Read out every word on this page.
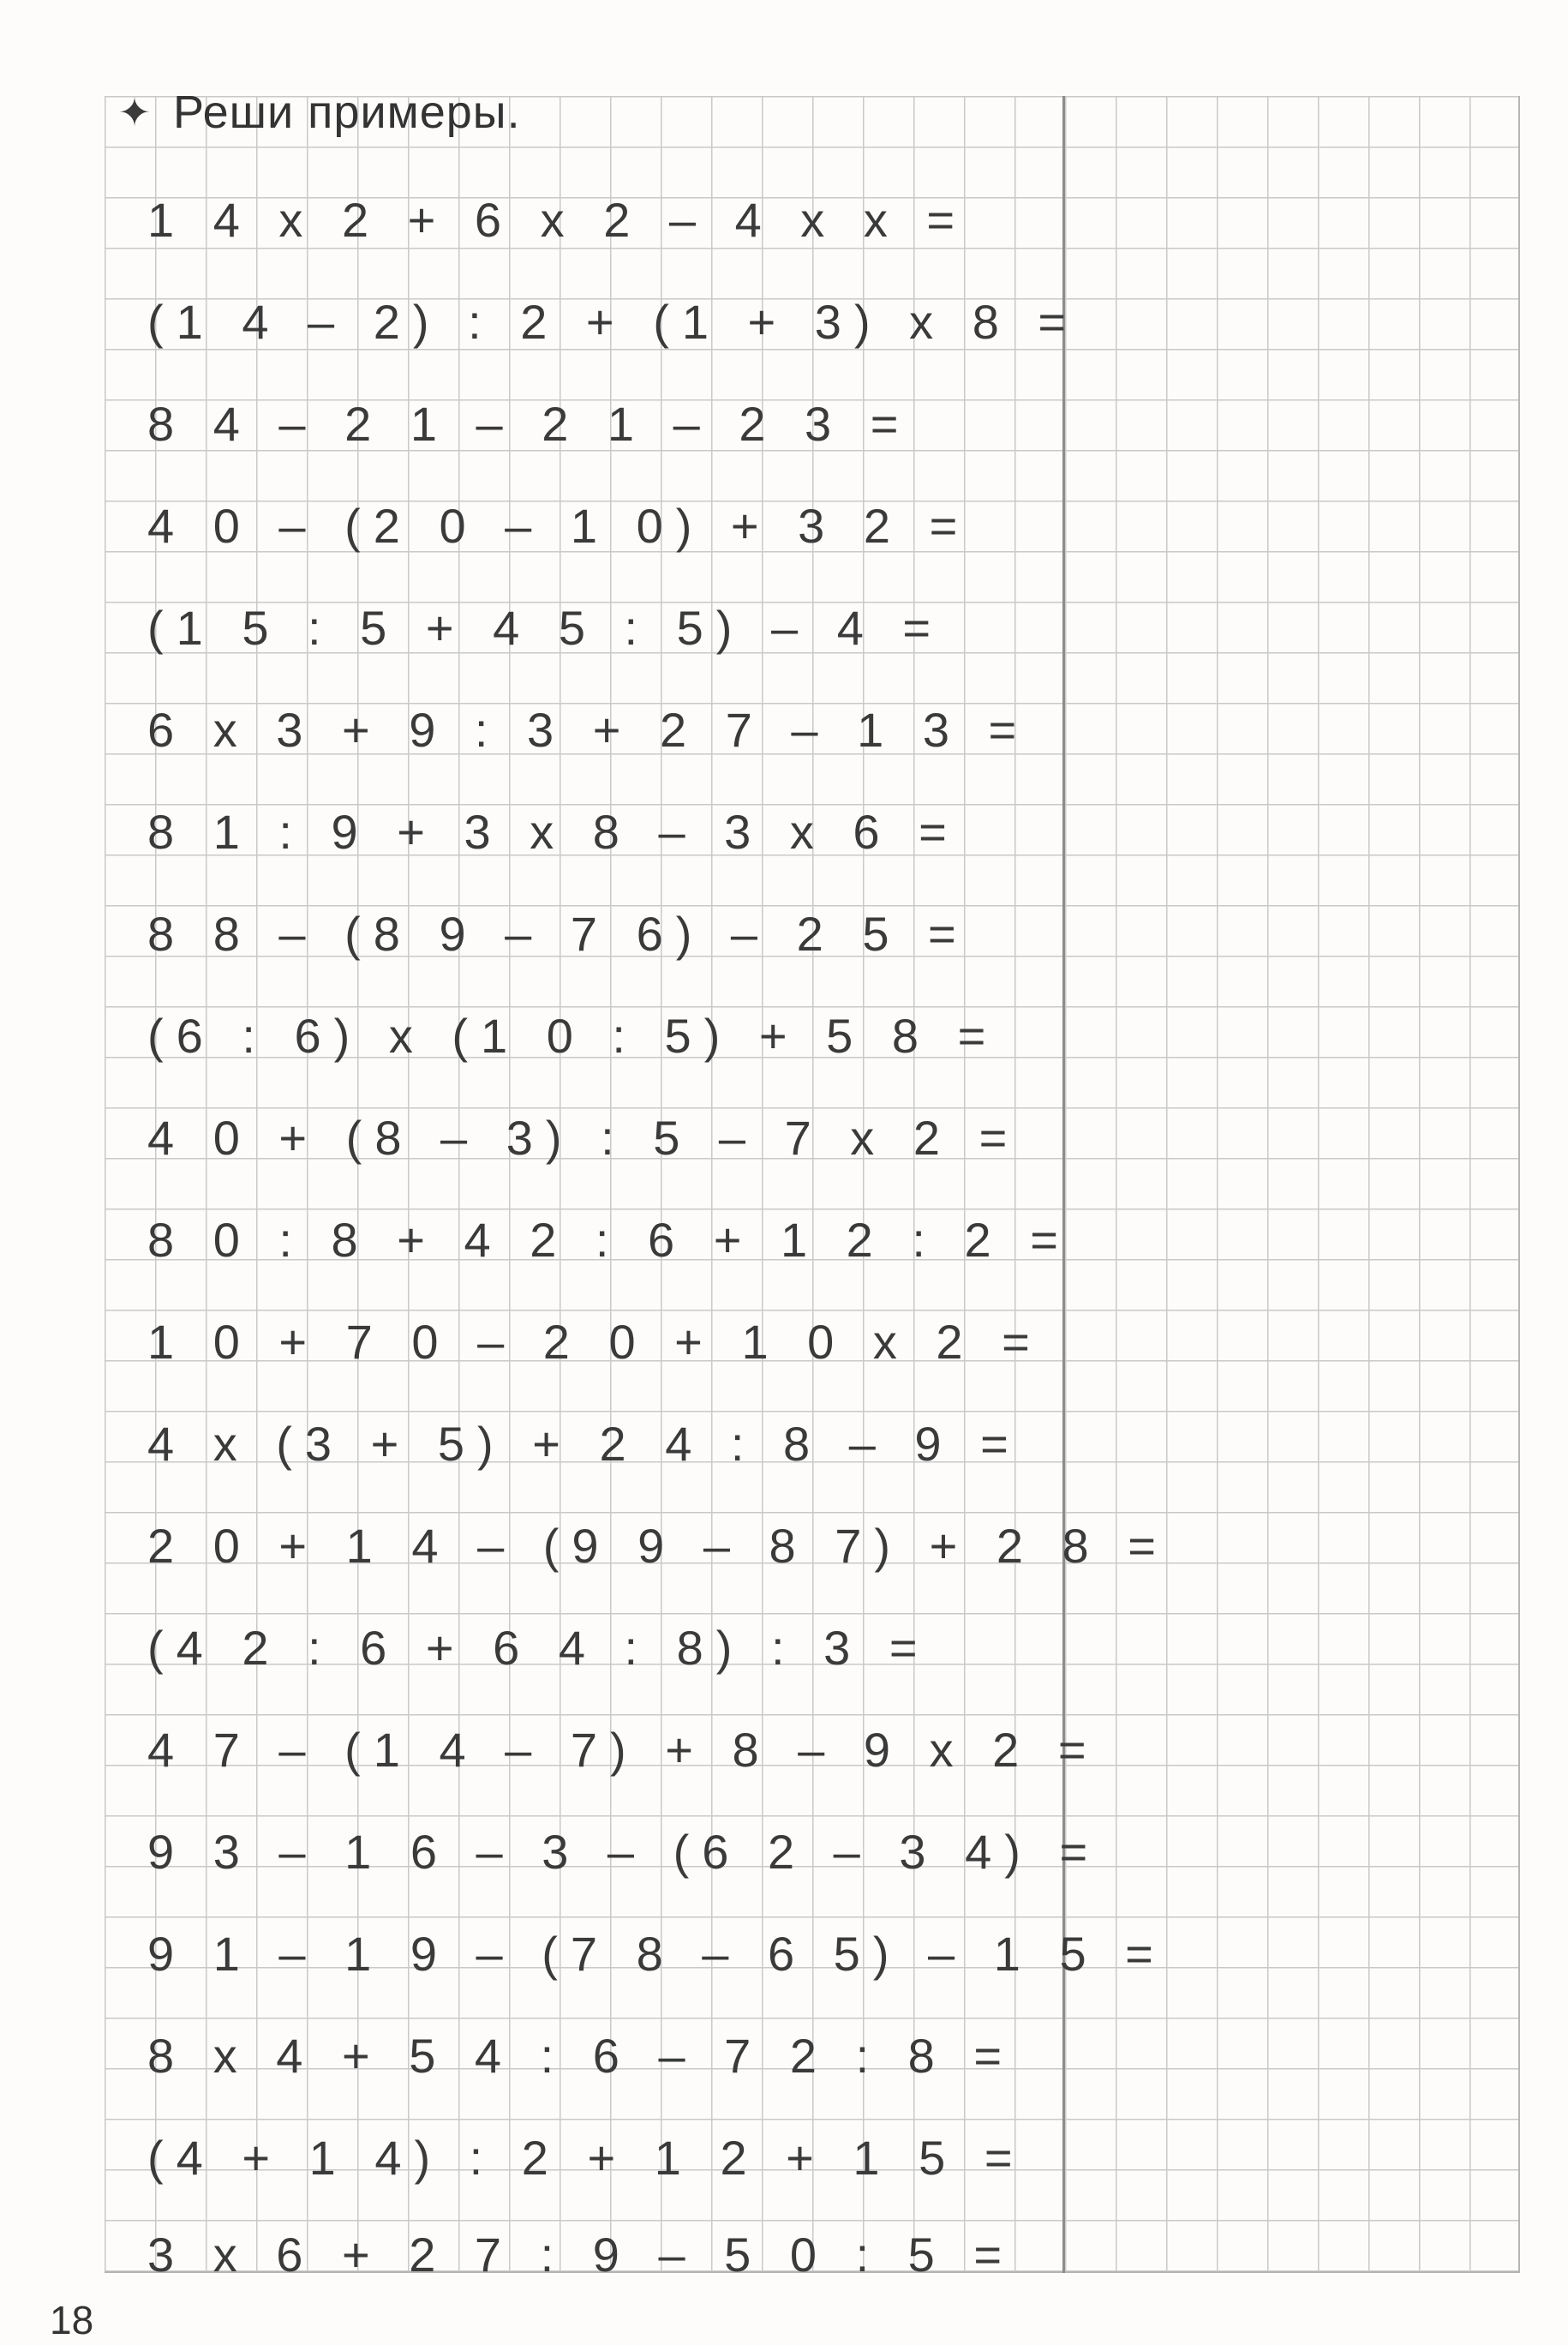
✦ Реши примеры.
1 4 x 2 + 6 x 2 – 4 x x =
(1 4 – 2) : 2 + (1 + 3) x 8 =
8 4 – 2 1 – 2 1 – 2 3 =
4 0 – (2 0 – 1 0) + 3 2 =
(1 5 : 5 + 4 5 : 5) – 4 =
6 x 3 + 9 : 3 + 2 7 – 1 3 =
8 1 : 9 + 3 x 8 – 3 x 6 =
8 8 – (8 9 – 7 6) – 2 5 =
(6 : 6) x (1 0 : 5) + 5 8 =
4 0 + (8 – 3) : 5 – 7 x 2 =
8 0 : 8 + 4 2 : 6 + 1 2 : 2 =
1 0 + 7 0 – 2 0 + 1 0 x 2 =
4 x (3 + 5) + 2 4 : 8 – 9 =
2 0 + 1 4 – (9 9 – 8 7) + 2 8 =
(4 2 : 6 + 6 4 : 8) : 3 =
4 7 – (1 4 – 7) + 8 – 9 x 2 =
9 3 – 1 6 – 3 – (6 2 – 3 4) =
9 1 – 1 9 – (7 8 – 6 5) – 1 5 =
8 x 4 + 5 4 : 6 – 7 2 : 8 =
(4 + 1 4) : 2 + 1 2 + 1 5 =
3 x 6 + 2 7 : 9 – 5 0 : 5 =
18
